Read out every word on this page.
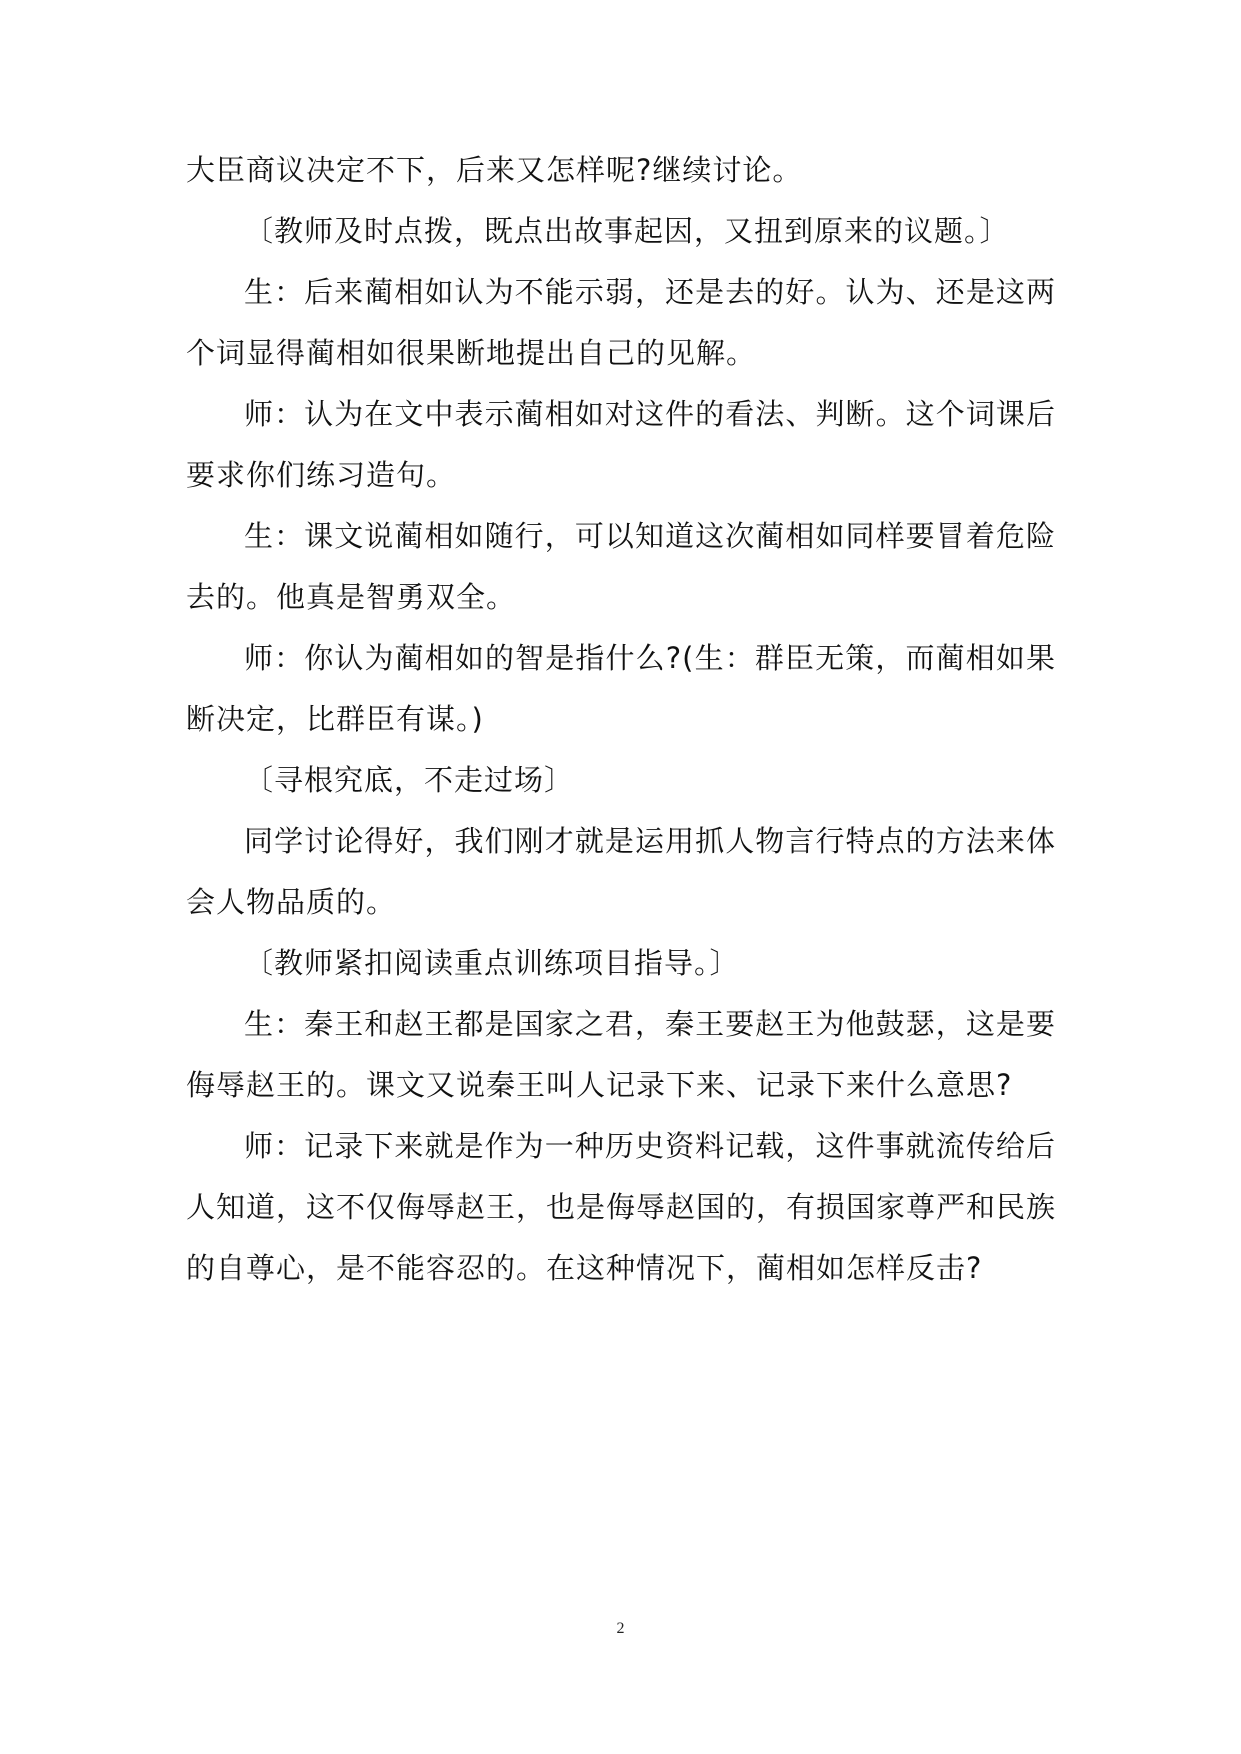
大臣商议决定不下，后来又怎样呢?继续讨论。

〔教师及时点拨，既点出故事起因，又扭到原来的议题。〕

生：后来蔺相如认为不能示弱，还是去的好。认为、还是这两个词显得蔺相如很果断地提出自己的见解。

师：认为在文中表示蔺相如对这件的看法、判断。这个词课后要求你们练习造句。

生：课文说蔺相如随行，可以知道这次蔺相如同样要冒着危险去的。他真是智勇双全。

师：你认为蔺相如的智是指什么?(生：群臣无策，而蔺相如果断决定，比群臣有谋。)

〔寻根究底，不走过场〕

同学讨论得好，我们刚才就是运用抓人物言行特点的方法来体会人物品质的。

〔教师紧扣阅读重点训练项目指导。〕

生：秦王和赵王都是国家之君，秦王要赵王为他鼓瑟，这是要侮辱赵王的。课文又说秦王叫人记录下来、记录下来什么意思?

师：记录下来就是作为一种历史资料记载，这件事就流传给后人知道，这不仅侮辱赵王，也是侮辱赵国的，有损国家尊严和民族的自尊心，是不能容忍的。在这种情况下，蔺相如怎样反击?

2
